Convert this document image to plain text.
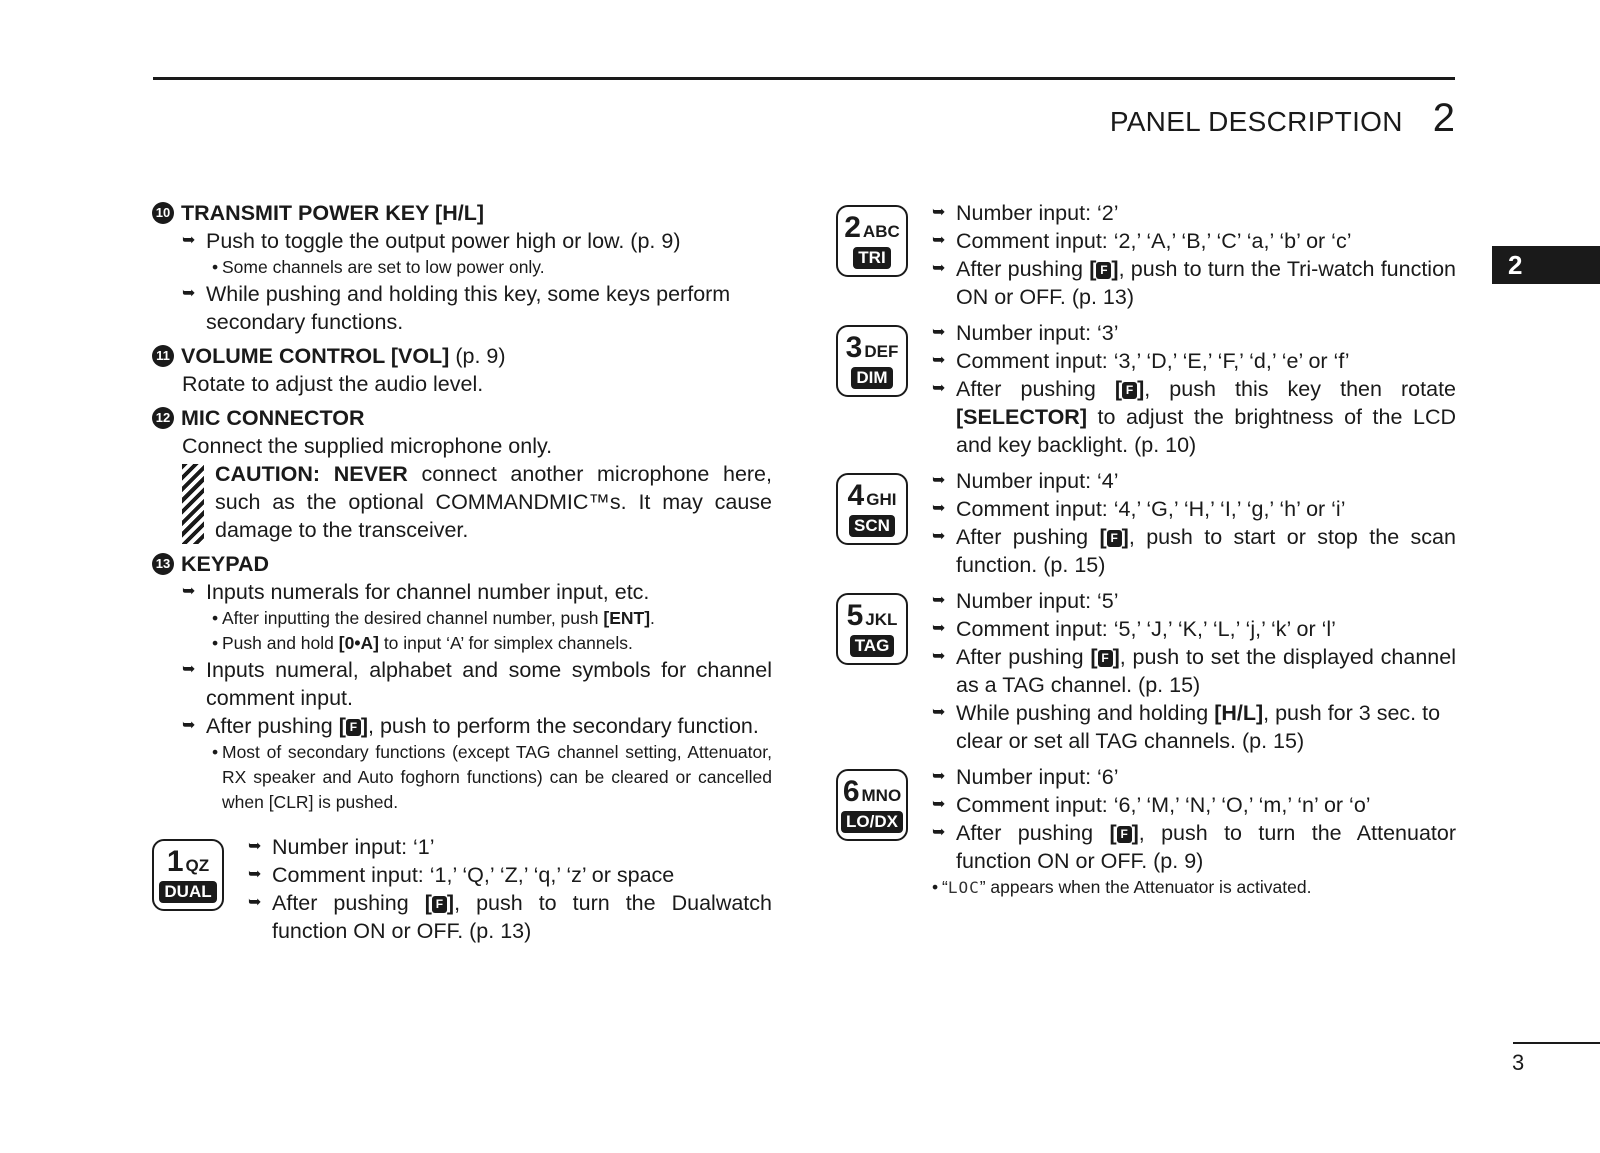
PANEL DESCRIPTION 2
2
10 TRANSMIT POWER KEY [H/L]
➥ Push to toggle the output power high or low. (p. 9)
• Some channels are set to low power only.
➥ While pushing and holding this key, some keys perform secondary functions.
11 VOLUME CONTROL [VOL] (p. 9)
Rotate to adjust the audio level.
12 MIC CONNECTOR
Connect the supplied microphone only.
CAUTION: NEVER connect another microphone here, such as the optional COMMANDMIC™s. It may cause damage to the transceiver.
13 KEYPAD
➥ Inputs numerals for channel number input, etc.
• After inputting the desired channel number, push [ENT].
• Push and hold [0•A] to input ‘A’ for simplex channels.
➥ Inputs numeral, alphabet and some symbols for channel comment input.
➥ After pushing [ F ], push to perform the secondary function.
• Most of secondary functions (except TAG channel setting, Attenuator, RX speaker and Auto foghorn functions) can be cleared or cancelled when [CLR] is pushed.
1 QZ
DUAL
➥ Number input: ‘1’
➥ Comment input: ‘1,’ ‘Q,’ ‘Z,’ ‘q,’ ‘z’ or space
➥ After pushing [ F ], push to turn the Dualwatch function ON or OFF. (p. 13)
2 ABC
TRI
➥ Number input: ‘2’
➥ Comment input: ‘2,’ ‘A,’ ‘B,’ ‘C’ ‘a,’ ‘b’ or ‘c’
➥ After pushing [ F ], push to turn the Tri-watch function ON or OFF. (p. 13)
3 DEF
DIM
➥ Number input: ‘3’
➥ Comment input: ‘3,’ ‘D,’ ‘E,’ ‘F,’ ‘d,’ ‘e’ or ‘f’
➥ After pushing [ F ], push this key then rotate [SELECTOR] to adjust the brightness of the LCD and key backlight. (p. 10)
4 GHI
SCN
➥ Number input: ‘4’
➥ Comment input: ‘4,’ ‘G,’ ‘H,’ ‘I,’ ‘g,’ ‘h’ or ‘i’
➥ After pushing [ F ], push to start or stop the scan function. (p. 15)
5 JKL
TAG
➥ Number input: ‘5’
➥ Comment input: ‘5,’ ‘J,’ ‘K,’ ‘L,’ ‘j,’ ‘k’ or ‘l’
➥ After pushing [ F ], push to set the displayed channel as a TAG channel. (p. 15)
➥ While pushing and holding [H/L], push for 3 sec. to clear or set all TAG channels. (p. 15)
6 MNO
LO/DX
➥ Number input: ‘6’
➥ Comment input: ‘6,’ ‘M,’ ‘N,’ ‘O,’ ‘m,’ ‘n’ or ‘o’
➥ After pushing [ F ], push to turn the Attenuator function ON or OFF. (p. 9)
• “LOC” appears when the Attenuator is activated.
3
